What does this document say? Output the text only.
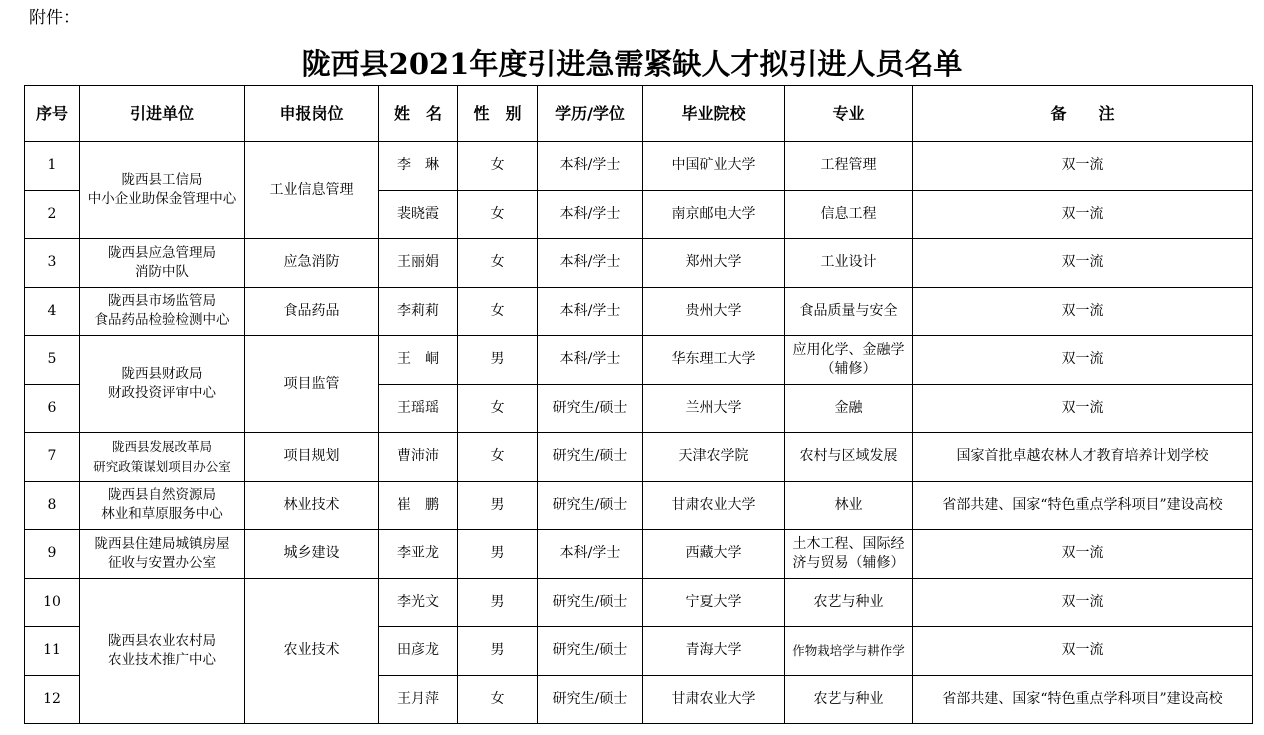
附件：
陇西县2021年度引进急需紧缺人才拟引进人员名单
序号	引进单位	申报岗位	姓　名	性　别	学历/学位	毕业院校	专业	备　　注
1	陇西县工信局
中小企业助保金管理中心	工业信息管理	李　琳	女	本科/学士	中国矿业大学	工程管理	双一流
2			裴晓霞	女	本科/学士	南京邮电大学	信息工程	双一流
3	陇西县应急管理局
消防中队	应急消防	王丽娟	女	本科/学士	郑州大学	工业设计	双一流
4	陇西县市场监管局
食品药品检验检测中心	食品药品	李莉莉	女	本科/学士	贵州大学	食品质量与安全	双一流
5	陇西县财政局
财政投资评审中心	项目监管	王　峒	男	本科/学士	华东理工大学	应用化学、金融学
（辅修）	双一流
6			王瑶瑶	女	研究生/硕士	兰州大学	金融	双一流
7	陇西县发展改革局
研究政策谋划项目办公室	项目规划	曹沛沛	女	研究生/硕士	天津农学院	农村与区域发展	国家首批卓越农林人才教育培养计划学校
8	陇西县自然资源局
林业和草原服务中心	林业技术	崔　鹏	男	研究生/硕士	甘肃农业大学	林业	省部共建、国家“特色重点学科项目”建设高校
9	陇西县住建局城镇房屋
征收与安置办公室	城乡建设	李亚龙	男	本科/学士	西藏大学	土木工程、国际经
济与贸易（辅修）	双一流
10	陇西县农业农村局
农业技术推广中心	农业技术	李光文	男	研究生/硕士	宁夏大学	农艺与种业	双一流
11			田彦龙	男	研究生/硕士	青海大学	作物栽培学与耕作学	双一流
12			王月萍	女	研究生/硕士	甘肃农业大学	农艺与种业	省部共建、国家“特色重点学科项目”建设高校
